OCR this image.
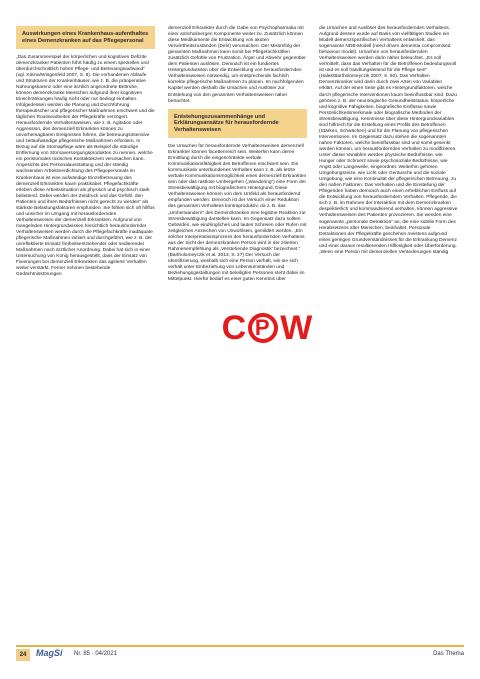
Auswirkungen eines Krankenhaus-aufenthaltes eines Demenzkranken auf das Pflegepersonal

„Das Zusammenspiel der körperlichen und kognitiven Defizite demenzkranker Patienten führt häufig zu einem speziellen und überdurchschnittlich hohen Pflege- und Betreuungsaufwand“ (vgl. Kleina/Wingenfeld 2007, S. 8). Die vorhandenen Abläufe und Strukturen der Krankenhäuser, wie z. B. die präoperative Nahrungskarenz oder eine ärztlich angeordnete Bettruhe, können demenzkranke Menschen aufgrund ihrer kognitiven Einschränkungen häufig nicht oder nur bedingt einhalten. Infolgedessen werden die Planung und Durchführung therapeutischer und pflegerischer Maßnahmen erschwert und die täglichen Routinearbeiten der Pflegekräfte verzögert. Herausfordernde Verhaltensweisen, wie z. B. Agitation oder Aggression, des demenziell Erkrankten können zu unvorhersagbaren Ereignissen führen, die betreuungsintensive und zeitaufwändige pflegerische Maßnahmen erfordern. In Bezug auf die Stomapflege wäre als Beispiel die ständige Entfernung von Stomaversorgungsprodukten zu nennen, welche ein peristomales toxisches Kontaktekzem verursachen kann. Angesichts des Personalausstattung und der ständig wachsenden Arbeitsverdichtung des Pflegepersonals im Krankenhaus ist eine aufwändige Einzelbetreuung des demenziell Erkrankten kaum praktikabel. Pflegefachkräfte erleben diese Arbeitssituation als physisch und psychisch stark belastend. Dabei werden der Zeitdruck und das Gefühl, den Patienten und ihren Bedürfnissen nicht gerecht zu werden“ als stärkste Belastungsfaktoren empfunden. Sie fühlen sich oft hilflos und unsicher im Umgang mit herausfordernden Verhaltensweisen der demenziell Erkrankten. Aufgrund von mangelnden Hintergrundwissen hinsichtlich herausfordernder Verhaltensweisen werden durch die Pflegefachkräfte inadäquate pflegerische Maßnahmen initiiert und durchgeführt, wie z. B. der unreflektierte Einsatz freiheitsentziehender oder sedierender Maßnahmen nach ärztlicher Anordnung. Dabei hat sich in einer Untersuchung von Konig herausgestellt, dass der Einsatz von Fixierungen bei demenziell Erkrankten das agitierte Verhalten weiter verstärkt. Ferner nehmen bestehende Gedächtnisstörungen

demenziell Erkrankter durch die Gabe von Psychopharmaka mit einer anticholinergen Komponente weiter zu. Zusätzlich können diese Medikamente die Entwicklung von akuten Verwirrtheitszuständen (Delir) verursachen. Der Missmfolg der genannten Maßnahmen kann somit bei Pflegefachkräften zusätzlich Gefühle von Frustration, Ärger und Abwehr gegenüber dem Patienten auslösen. Demnach ist ein fundiertes Hintergrundwissen über die Entwicklung von herausfordernden Verhaltensweisen notwendig, um entsprechende fachlich korrekte pflegerische Maßnahmen zu planen. Im nachfolgenden Kapitel werden deshalb die Ursachen und Auslöser zur Entstehung von den genannten Verhaltensweisen näher betrachtet.

Entstehungszusammenhänge und Erklärungsansätze für herausfordernde Verhaltensweisen

Die Ursachen für herausfordernde Verhaltensweisen demenziell Erkrankter können facettenreich sein. Weiterhin kann deren Ermittlung durch die eingeschränkte verbale Kommunikationsfähigkeit des Betroffenen erschwert sein. Ein kommunikativ unterbundenes Verhalten kann z. B. als letzte verbale Kommunikationsmöglichkeit eines demenziell Erkrankten sein oder das rastlose Umhergehen („Wandering“) eine Form der Stressbewältigung mit biografischem Hintergrund. Diese Verhaltensweisen können von dem Umfeld als herausfordernd empfunden werden. Dennoch ist der Versuch einer Reduktion des genannten Verhaltens kontraproduktiv, da z. B. das „Umherwandern“ des Demenzkranken eine legitime Reaktion zur Stressbewältigung darstellen kann. Im Gegensatz dazu sollten Gebärden, wie eindringliches und lautes Schreien oder Rufen mit zeitgleichen Anzeichen von Unwohlsein, gemildert werden. „Ein solcher Interpretationsprozess des herausfordernden Verhaltens aus der Sicht der demenzkranken Person wird in der zitierten Rahmenempfehlung als ‚Verstehende Diagnostik‘ bezeichnet.“ (Bartholomeyczik et al. 2013, S. 27) Der Versuch der Identifizierung, weshalb sich eine Person verhält, wie sie sich verhält unter Einbeziehung von Lebensumständen und Beziehungsgestaltungen mit beteiligten Personen steht dabei im Mittelpunkt. Hierfür bedarf es einer guten Kenntnis über

die Ursachen und Auslöser des herausfordernden Verhaltens. Aufgrund dessen wurde auf Basis von vielfältigen Studien ein Modell demenzspezifischen Verhaltens entwickelt, das sogenannte NDB-Modell (need driven dementia compromised behaviour model). Ursachen von herausfordernden Verhaltensweisen werden darin näher beleuchtet. „Es soll vermittelt, dass das Verhalten für die Betroffenen bedeutungsvoll ist und es soll handlungsleitend für die Pflege sein“ (Halek/Bartholomeyczik 2007, S. 50). Das Verhalten Demenzkranker wird darin durch zwei Arten von Variablen erklärt. Auf der einen Seite gibt es Hintergrundfaktoren, welche durch pflegerische Interventionen kaum beeinflussbar sind. Dazu gehören z. B. der neurologische Gesundheitsstatus, körperliche und kognitive Fähigkeiten, biografische Einflüsse sowie Persönlichkeitsmerkmale oder biografische Methoden der Stressbewältigung. Kenntnisse über diese Hintergrundvariablen sind hilfreich für die Erstellung eines Profils des Betroffenen (Stärken, Schwächen) und für die Planung von pflegerischen Interventionen. Im Gegensatz dazu stehen die sogenannten nahen Faktoren, welche beeinflussbar sind und somit gesenkt werden können, um herausforderndes Verhalten zu modifizieren. Unter dieser Variablen werden physische Bedürfnisse, wie Hunger oder Schmerz sowie psychosoziale Bedürfnisse, wie Angst oder Langeweile, eingeordnet. Weiterhin gehören Umgebungsreize, wie Licht oder Geräusche und die soziale Umgebung, wie eine Kontinuität der pflegerischen Betreuung, zu den nahen Faktoren. Das Verhalten und die Einstellung der Pflegenden haben demnach auch einen erheblichen Einfluss auf die Entwicklung von herausforderndem Verhalten. Pflegende, die sich z. B. im Rahmen der Interaktion mit dem Demenzkranken despektierlich und kommandierend verhalten, können aggressive Verhaltensweisen des Patienten provozieren. Sie wenden eine sogenannte „personale Detraktion“ an, die eine subtile Form des Herabsetzens alter Menschen, beinhaltet. Personale Detraktionen der Pflegekräfte geschehen meistens aufgrund eines geringen Grundverständnisses für die Erkrankung Demenz und einer daraus resultierenden Hilflosigkeit oder Überforderung. „Wenn eine Person mit demenziellen Veränderungen ständig

C P W
24	MagSi Nr. 85 · 04/2021	Das Thema
